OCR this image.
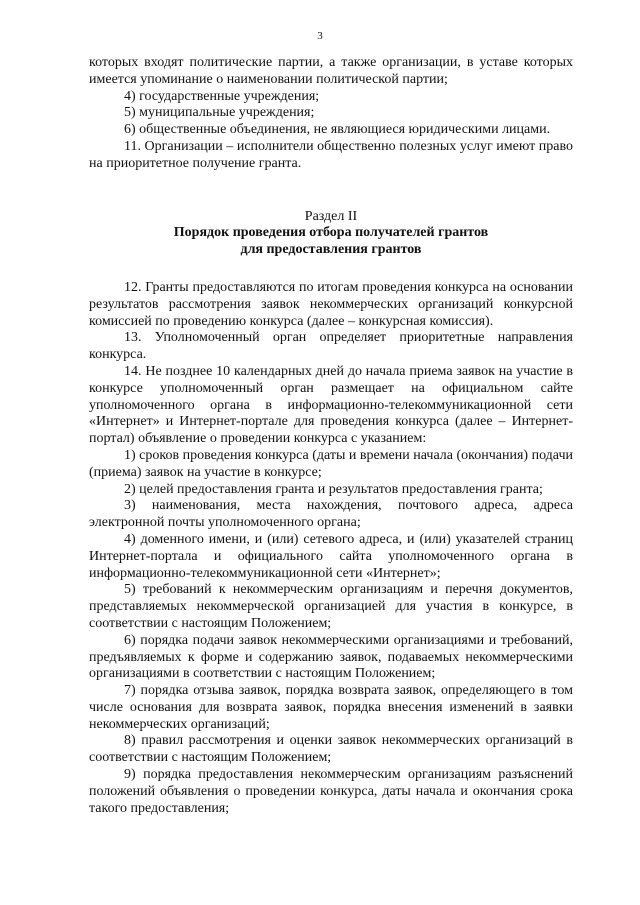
3

которых входят политические партии, а также организации, в уставе которых имеется упоминание о наименовании политической партии;

4) государственные учреждения;

5) муниципальные учреждения;

6) общественные объединения, не являющиеся юридическими лицами.

11. Организации – исполнители общественно полезных услуг имеют право на приоритетное получение гранта.

Раздел II

Порядок проведения отбора получателей грантов

для предоставления грантов

12. Гранты предоставляются по итогам проведения конкурса на основании результатов рассмотрения заявок некоммерческих организаций конкурсной комиссией по проведению конкурса (далее – конкурсная комиссия).

13. Уполномоченный орган определяет приоритетные направления конкурса.

14. Не позднее 10 календарных дней до начала приема заявок на участие в конкурсе уполномоченный орган размещает на официальном сайте уполномоченного органа в информационно-телекоммуникационной сети «Интернет» и Интернет-портале для проведения конкурса (далее – Интернет-портал) объявление о проведении конкурса с указанием:

1) сроков проведения конкурса (даты и времени начала (окончания) подачи (приема) заявок на участие в конкурсе;

2) целей предоставления гранта и результатов предоставления гранта;

3) наименования, места нахождения, почтового адреса, адреса электронной почты уполномоченного органа;

4) доменного имени, и (или) сетевого адреса, и (или) указателей страниц Интернет-портала и официального сайта уполномоченного органа в информационно-телекоммуникационной сети «Интернет»;

5) требований к некоммерческим организациям и перечня документов, представляемых некоммерческой организацией для участия в конкурсе, в соответствии с настоящим Положением;

6) порядка подачи заявок некоммерческими организациями и требований, предъявляемых к форме и содержанию заявок, подаваемых некоммерческими организациями в соответствии с настоящим Положением;

7) порядка отзыва заявок, порядка возврата заявок, определяющего в том числе основания для возврата заявок, порядка внесения изменений в заявки некоммерческих организаций;

8) правил рассмотрения и оценки заявок некоммерческих организаций в соответствии с настоящим Положением;

9) порядка предоставления некоммерческим организациям разъяснений положений объявления о проведении конкурса, даты начала и окончания срока такого предоставления;
